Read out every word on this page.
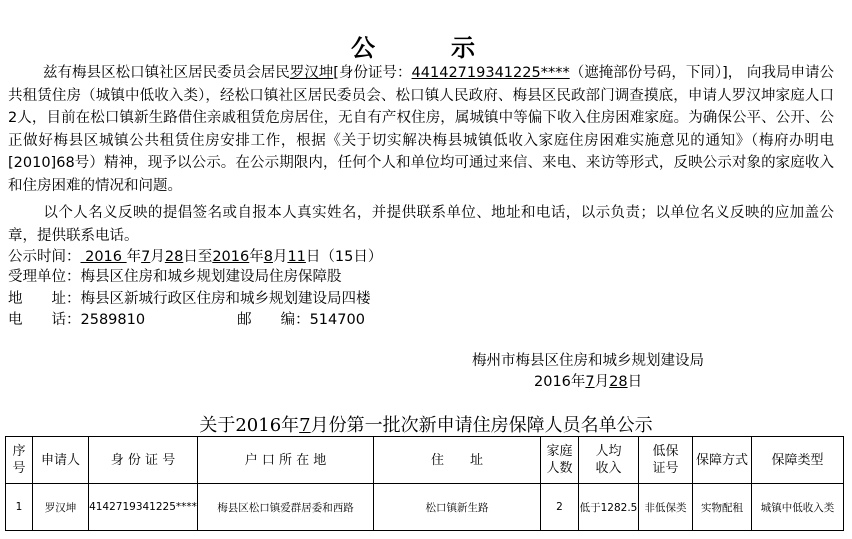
公　示
兹有梅县区松口镇社区居民委员会居民罗汉坤[身份证号：44142719341225****（遮掩部份号码，下同）]， 向我局申请公共租赁住房（城镇中低收入类），经松口镇社区居民委员会、松口镇人民政府、梅县区民政部门调查摸底，申请人罗汉坤家庭人口2人，目前在松口镇新生路借住亲戚租赁危房居住，无自有产权住房，属城镇中等偏下收入住房困难家庭。为确保公平、公开、公正做好梅县区城镇公共租赁住房安排工作，根据《关于切实解决梅县城镇低收入家庭住房困难实施意见的通知》（梅府办明电[2010]68号）精神，现予以公示。在公示期限内，任何个人和单位均可通过来信、来电、来访等形式，反映公示对象的家庭收入和住房困难的情况和问题。
以个人名义反映的提倡签名或自报本人真实姓名，并提供联系单位、地址和电话，以示负责；以单位名义反映的应加盖公章，提供联系电话。
公示时间： 2016 年7月28日至2016年8月11日（15日）
受理单位：梅县区住房和城乡规划建设局住房保障股
地　　址：梅县区新城行政区住房和城乡规划建设局四楼
电　　话：2589810	邮　　编：514700
梅州市梅县区住房和城乡规划建设局
2016年7月28日
关于2016年7月份第一批次新申请住房保障人员名单公示
序号	申请人	身 份 证 号	户 口 所 在 地	住　　址	家庭人数	人均收入	低保证号	保障方式	保障类型
1	罗汉坤	4142719341225****	梅县区松口镇爱群居委和西路	松口镇新生路	2	低于1282.5	非低保类	实物配租	城镇中低收入类
